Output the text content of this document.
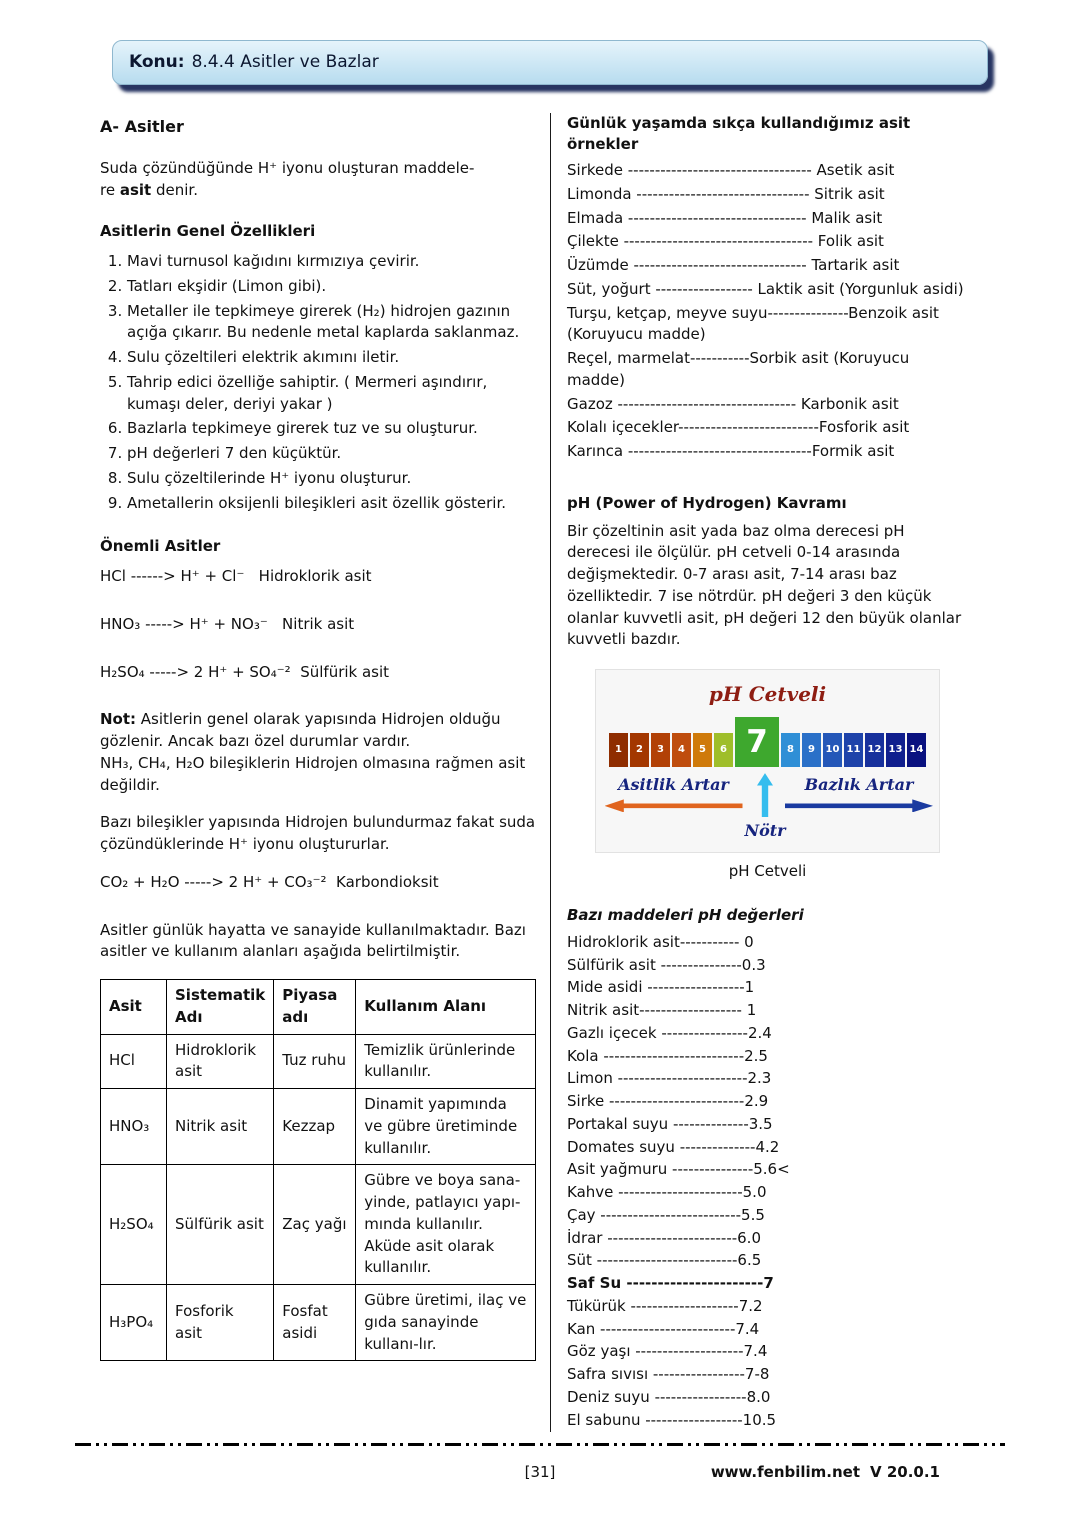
Konu: 8.4.4 Asitler ve Bazlar
A- Asitler

Suda çözündüğünde H⁺ iyonu oluşturan maddele-
re asit denir.

Asitlerin Genel Özellikleri
1. Mavi turnusol kağıdını kırmızıya çevirir.
2. Tatları ekşidir (Limon gibi).
3. Metaller ile tepkimeye girerek (H₂) hidrojen gazının açığa çıkarır. Bu nedenle metal kaplarda saklanmaz.
4. Sulu çözeltileri elektrik akımını iletir.
5. Tahrip edici özelliğe sahiptir. ( Mermeri aşındırır, kumaşı deler, deriyi yakar )
6. Bazlarla tepkimeye girerek tuz ve su oluşturur.
7. pH değerleri 7 den küçüktür.
8. Sulu çözeltilerinde H⁺ iyonu oluşturur.
9. Ametallerin oksijenli bileşikleri asit özellik gösterir.
Önemli Asitler
HCl ------> H⁺ + Cl⁻   Hidroklorik asit
HNO₃ -----> H⁺ + NO₃⁻   Nitrik asit
H₂SO₄ -----> 2 H⁺ + SO₄⁻²  Sülfürik asit

Not: Asitlerin genel olarak yapısında Hidrojen olduğu gözlenir. Ancak bazı özel durumlar vardır.
NH₃, CH₄, H₂O bileşiklerin Hidrojen olmasına rağmen asit değildir.

Bazı bileşikler yapısında Hidrojen bulundurmaz fakat suda çözündüklerinde H⁺ iyonu oluştururlar.

CO₂ + H₂O -----> 2 H⁺ + CO₃⁻²  Karbondioksit

Asitler günlük hayatta ve sanayide kullanılmaktadır. Bazı asitler ve kullanım alanları aşağıda belirtilmiştir.

Asit	Sistematik Adı	Piyasa adı	Kullanım Alanı
HCl	Hidroklorik asit	Tuz ruhu	Temizlik ürünlerinde kullanılır.
HNO₃	Nitrik asit	Kezzap	Dinamit yapımında ve gübre üretiminde kullanılır.
H₂SO₄	Sülfürik asit	Zaç yağı	Gübre ve boya sana-yinde, patlayıcı yapı-mında kullanılır. Aküde asit olarak kullanılır.
H₃PO₄	Fosforik asit	Fosfat asidi	Gübre üretimi, ilaç ve gıda sanayinde kullanı-lır.
Günlük yaşamda sıkça kullandığımız asit örnekler
Sirkede ---------------------------------- Asetik asit
Limonda -------------------------------- Sitrik asit
Elmada --------------------------------- Malik asit
Çilekte ----------------------------------- Folik asit
Üzümde -------------------------------- Tartarik asit
Süt, yoğurt ------------------ Laktik asit (Yorgunluk asidi)
Turşu, ketçap, meyve suyu---------------Benzoik asit (Koruyucu madde)
Reçel, marmelat-----------Sorbik asit (Koruyucu madde)
Gazoz --------------------------------- Karbonik asit
Kolalı içecekler--------------------------Fosforik asit
Karınca ----------------------------------Formik asit
pH (Power of Hydrogen) Kavramı

Bir çözeltinin asit yada baz olma derecesi pH derecesi ile ölçülür. pH cetveli 0-14 arasında değişmektedir. 0-7 arası asit, 7-14 arası baz özelliktedir. 7 ise nötrdür. pH değeri 3 den küçük olanlar kuvvetli asit, pH değeri 12 den büyük olanlar kuvvetli bazdır.

pH Cetveli
1	2	3	4	5	6 7	8	9	10 11 12 13 14
Asitlik Artar
Nötr
Bazlık Artar
pH Cetveli
Bazı maddeleri pH değerleri
Hidroklorik asit----------- 0
Sülfürik asit ---------------0.3
Mide asidi ------------------1
Nitrik asit------------------- 1
Gazlı içecek ----------------2.4
Kola --------------------------2.5
Limon ------------------------2.3
Sirke -------------------------2.9
Portakal suyu --------------3.5
Domates suyu --------------4.2
Asit yağmuru ---------------5.6<
Kahve -----------------------5.0
Çay --------------------------5.5
İdrar ------------------------6.0
Süt --------------------------6.5
Saf Su ----------------------7
Tükürük --------------------7.2
Kan -------------------------7.4
Göz yaşı --------------------7.4
Safra sıvısı -----------------7-8
Deniz suyu -----------------8.0
El sabunu ------------------10.5
[31]	www.fenbilim.net V 20.0.1
